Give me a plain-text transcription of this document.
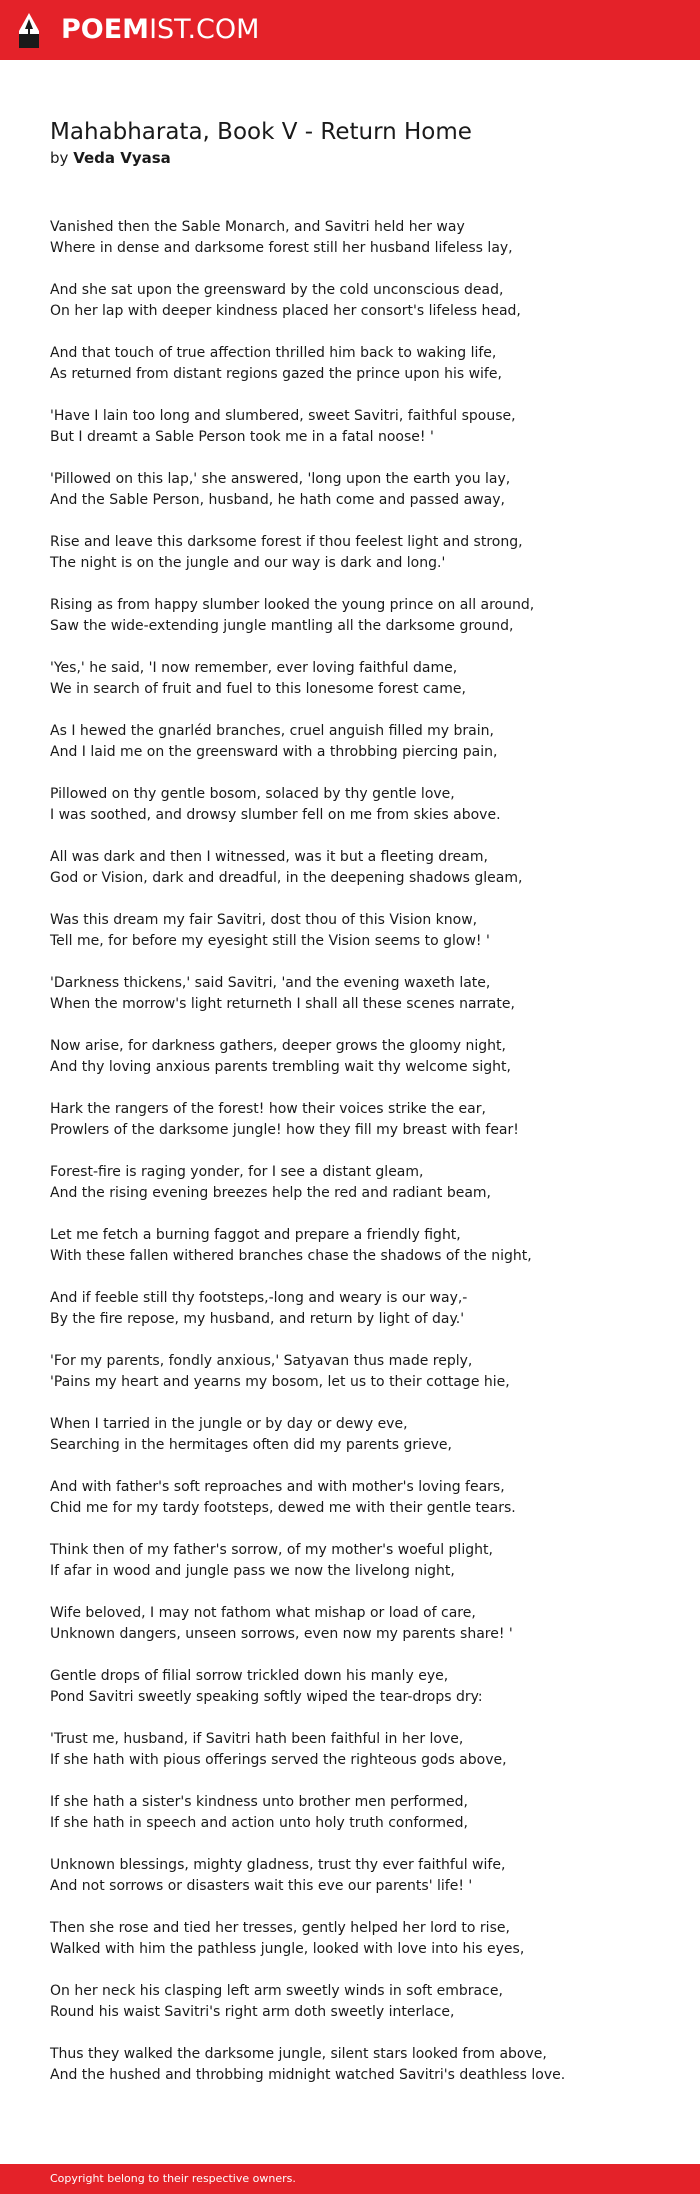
POEMIST.COM
Mahabharata, Book V - Return Home
by Veda Vyasa
Vanished then the Sable Monarch, and Savitri held her way
Where in dense and darksome forest still her husband lifeless lay,
And she sat upon the greensward by the cold unconscious dead,
On her lap with deeper kindness placed her consort's lifeless head,
And that touch of true affection thrilled him back to waking life,
As returned from distant regions gazed the prince upon his wife,
'Have I lain too long and slumbered, sweet Savitri, faithful spouse,
But I dreamt a Sable Person took me in a fatal noose! '
'Pillowed on this lap,' she answered, 'long upon the earth you lay,
And the Sable Person, husband, he hath come and passed away,
Rise and leave this darksome forest if thou feelest light and strong,
The night is on the jungle and our way is dark and long.'
Rising as from happy slumber looked the young prince on all around,
Saw the wide-extending jungle mantling all the darksome ground,
'Yes,' he said, 'I now remember, ever loving faithful dame,
We in search of fruit and fuel to this lonesome forest came,
As I hewed the gnarléd branches, cruel anguish filled my brain,
And I laid me on the greensward with a throbbing piercing pain,
Pillowed on thy gentle bosom, solaced by thy gentle love,
I was soothed, and drowsy slumber fell on me from skies above.
All was dark and then I witnessed, was it but a fleeting dream,
God or Vision, dark and dreadful, in the deepening shadows gleam,
Was this dream my fair Savitri, dost thou of this Vision know,
Tell me, for before my eyesight still the Vision seems to glow! '
'Darkness thickens,' said Savitri, 'and the evening waxeth late,
When the morrow's light returneth I shall all these scenes narrate,
Now arise, for darkness gathers, deeper grows the gloomy night,
And thy loving anxious parents trembling wait thy welcome sight,
Hark the rangers of the forest! how their voices strike the ear,
Prowlers of the darksome jungle! how they fill my breast with fear!
Forest-fire is raging yonder, for I see a distant gleam,
And the rising evening breezes help the red and radiant beam,
Let me fetch a burning faggot and prepare a friendly fight,
With these fallen withered branches chase the shadows of the night,
And if feeble still thy footsteps,-long and weary is our way,-
By the fire repose, my husband, and return by light of day.'
'For my parents, fondly anxious,' Satyavan thus made reply,
'Pains my heart and yearns my bosom, let us to their cottage hie,
When I tarried in the jungle or by day or dewy eve,
Searching in the hermitages often did my parents grieve,
And with father's soft reproaches and with mother's loving fears,
Chid me for my tardy footsteps, dewed me with their gentle tears.
Think then of my father's sorrow, of my mother's woeful plight,
If afar in wood and jungle pass we now the livelong night,
Wife beloved, I may not fathom what mishap or load of care,
Unknown dangers, unseen sorrows, even now my parents share! '
Gentle drops of filial sorrow trickled down his manly eye,
Pond Savitri sweetly speaking softly wiped the tear-drops dry:
'Trust me, husband, if Savitri hath been faithful in her love,
If she hath with pious offerings served the righteous gods above,
If she hath a sister's kindness unto brother men performed,
If she hath in speech and action unto holy truth conformed,
Unknown blessings, mighty gladness, trust thy ever faithful wife,
And not sorrows or disasters wait this eve our parents' life! '
Then she rose and tied her tresses, gently helped her lord to rise,
Walked with him the pathless jungle, looked with love into his eyes,
On her neck his clasping left arm sweetly winds in soft embrace,
Round his waist Savitri's right arm doth sweetly interlace,
Thus they walked the darksome jungle, silent stars looked from above,
And the hushed and throbbing midnight watched Savitri's deathless love.
Copyright belong to their respective owners.
